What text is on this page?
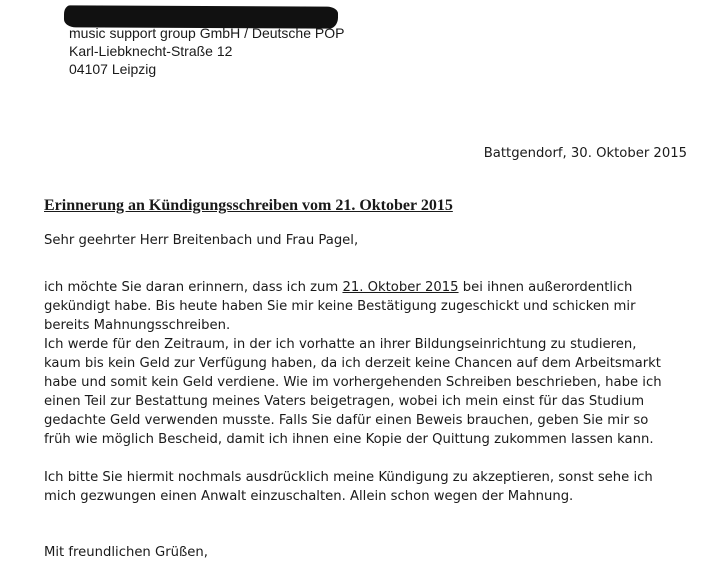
music support group GmbH / Deutsche POP
Karl-Liebknecht-Straße 12
04107 Leipzig
Battgendorf, 30. Oktober 2015
Erinnerung an Kündigungsschreiben vom 21. Oktober 2015
Sehr geehrter Herr Breitenbach und Frau Pagel,
ich möchte Sie daran erinnern, dass ich zum 21. Oktober 2015 bei ihnen außerordentlich
gekündigt habe. Bis heute haben Sie mir keine Bestätigung zugeschickt und schicken mir
bereits Mahnungsschreiben.
Ich werde für den Zeitraum, in der ich vorhatte an ihrer Bildungseinrichtung zu studieren,
kaum bis kein Geld zur Verfügung haben, da ich derzeit keine Chancen auf dem Arbeitsmarkt
habe und somit kein Geld verdiene. Wie im vorhergehenden Schreiben beschrieben, habe ich
einen Teil zur Bestattung meines Vaters beigetragen, wobei ich mein einst für das Studium
gedachte Geld verwenden musste. Falls Sie dafür einen Beweis brauchen, geben Sie mir so
früh wie möglich Bescheid, damit ich ihnen eine Kopie der Quittung zukommen lassen kann.
Ich bitte Sie hiermit nochmals ausdrücklich meine Kündigung zu akzeptieren, sonst sehe ich
mich gezwungen einen Anwalt einzuschalten. Allein schon wegen der Mahnung.
Mit freundlichen Grüßen,
